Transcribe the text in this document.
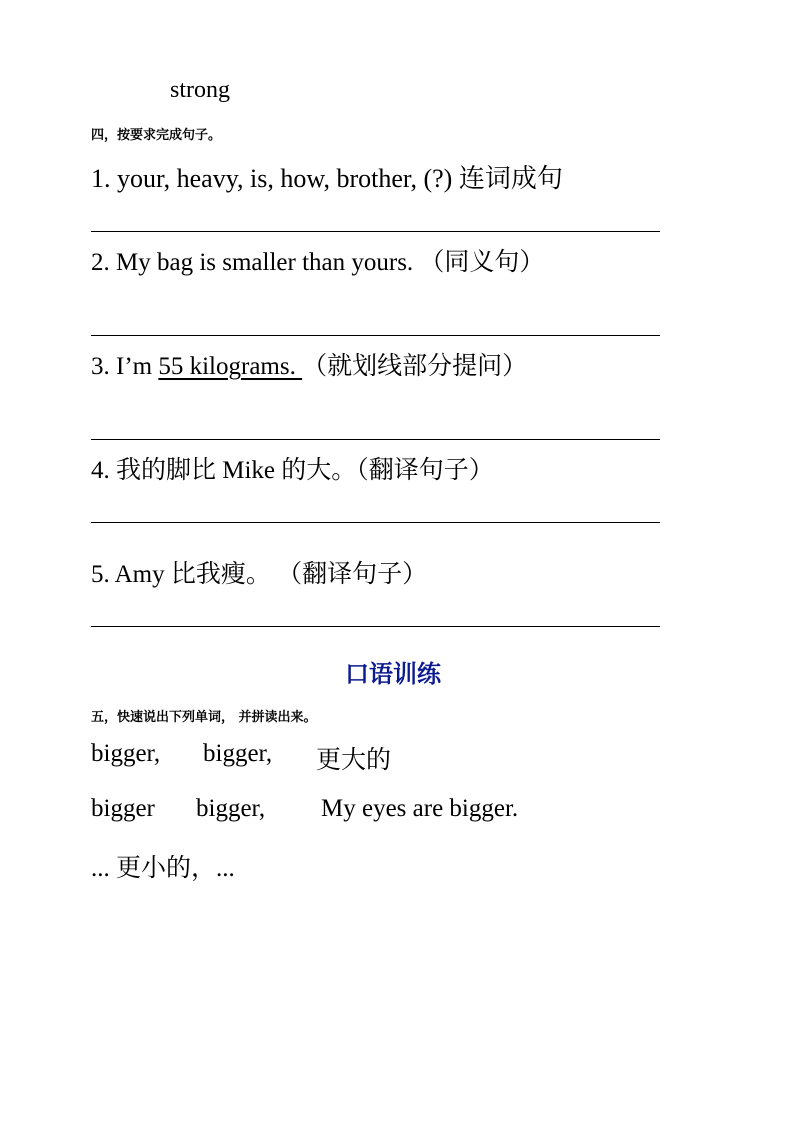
strong
四，按要求完成句子。
1. your, heavy, is, how, brother, (?) 连词成句
2. My bag is smaller than yours. （同义句）
3. I’m 55 kilograms. （就划线部分提问）
4. 我的脚比 Mike 的大。（翻译句子）
5. Amy 比我瘦。 （翻译句子）
口语训练
五，快速说出下列单词， 并拼读出来。
bigger, bigger, 更大的
bigger bigger, My eyes are bigger.
... 更小的，...
